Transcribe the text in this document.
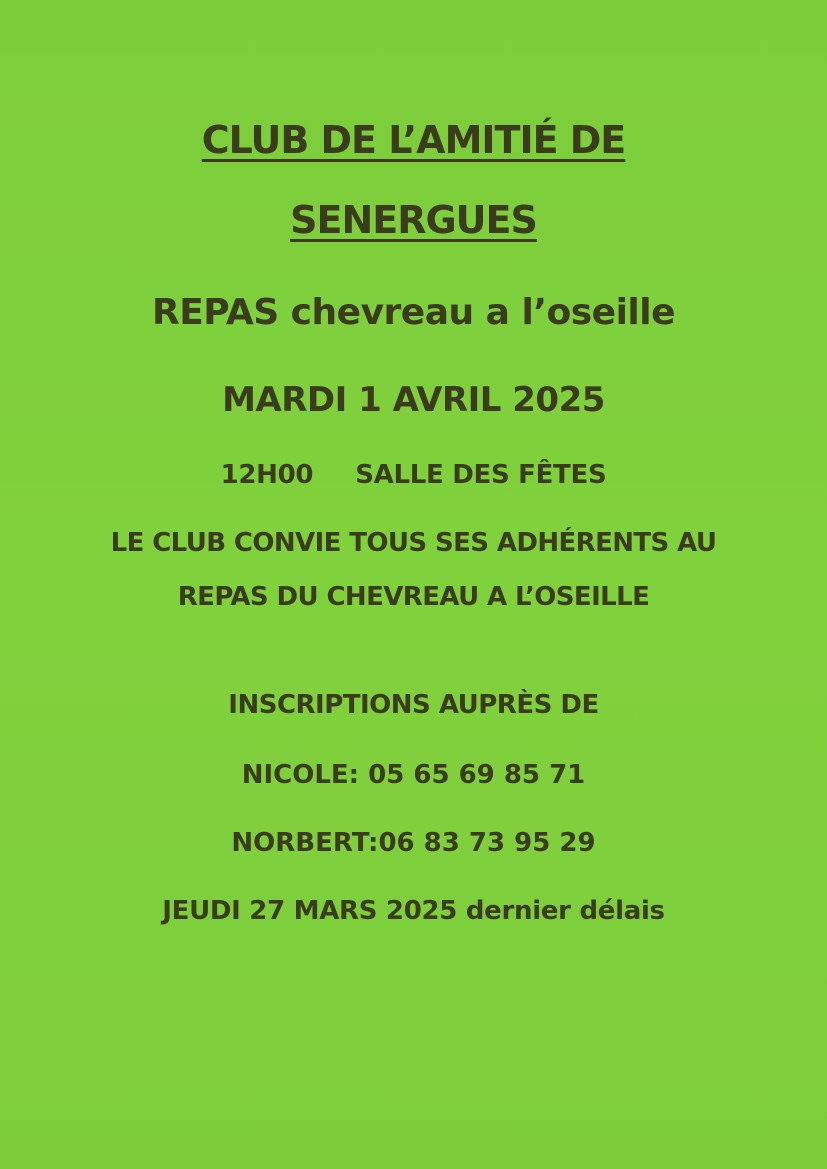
CLUB DE L’AMITIÉ DE
SENERGUES
REPAS chevreau a l’oseille
MARDI 1 AVRIL 2025
12H00 SALLE DES FÊTES
LE CLUB CONVIE TOUS SES ADHÉRENTS AU
REPAS DU CHEVREAU A L’OSEILLE
INSCRIPTIONS AUPRÈS DE
NICOLE: 05 65 69 85 71
NORBERT:06 83 73 95 29
JEUDI 27 MARS 2025 dernier délais
